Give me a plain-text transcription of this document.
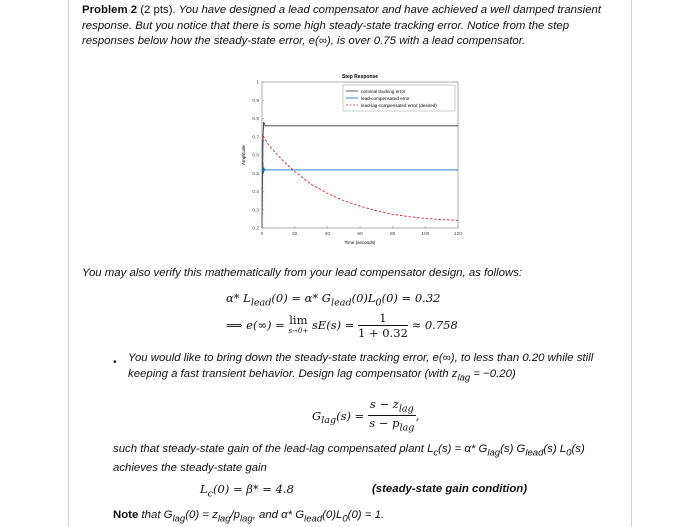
Problem 2 (2 pts). You have designed a lead compensator and have achieved a well damped transient response. But you notice that there is some high steady-state tracking error. Notice from the step responses below how the steady-state error, e(∞), is over 0.75 with a lead compensator.

0	20	40	60	80	100	120
0.2
0.3
0.4
0.5
0.6
0.7
0.8
0.9
1
Step Response
Time (seconds)
Amplitude
nominal tracking error
lead-compensated error
lead-lag-compensated error (desired)

You may also verify this mathematically from your lead compensator design, as follows:

α* $L_{lead}(0) = \alpha*$ $G_{lead}(0)L_0(0) = 0.32$
⟹ e(∞) = lim
$s\to 0+ sE(s) = \frac{1}{1 + 0.32} \approx 0.758$
• You would like to bring down the steady-state tracking error, e(∞), to less than 0.20 while still keeping a fast transient behavior. Design lag compensator (with $z_{lag} = -0.20$)

$G_{lag}(s) = \frac{s - z_{lag}}{s - p_{lag}}$ ,

such that steady-state gain of the lead-lag compensated plant $L_c(s) = \alpha*$ $G_{lag}(s)$ $G_{lead}(s)$ $L_0(s)$
achieves the steady-state gain

$L_c(0) = \beta* = 4.8$	(steady-state gain condition)

Note that $G_{lag}(0) = z_{lag}/p_{lag}$, and α* $G_{lead}(0)L_0(0) = 1$.
